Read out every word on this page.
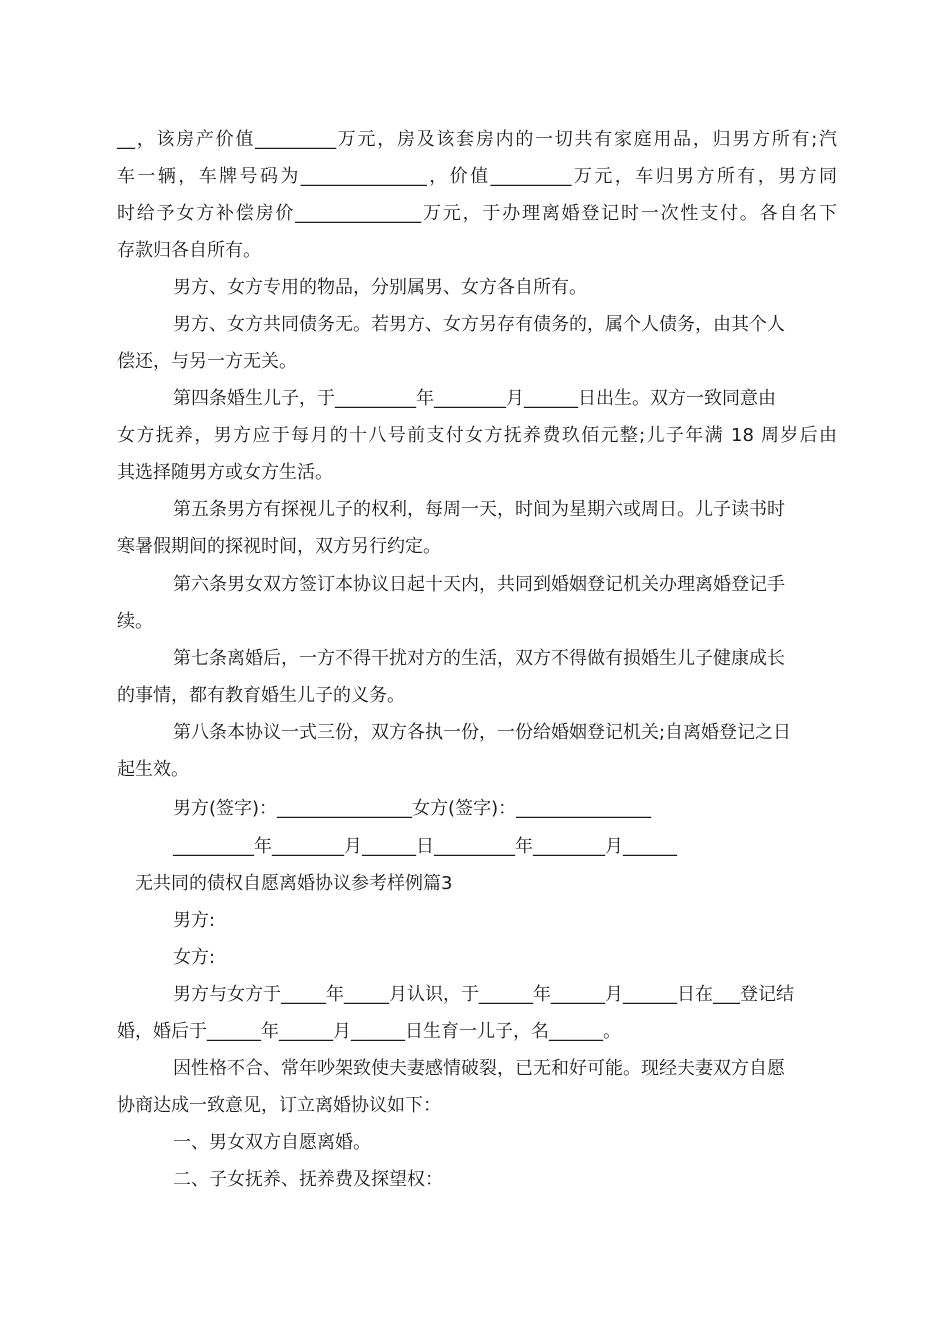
__，该房产价值_________万元，房及该套房内的一切共有家庭用品，归男方所有;汽
车一辆，车牌号码为______________，价值_________万元，车归男方所有，男方同
时给予女方补偿房价______________万元，于办理离婚登记时一次性支付。各自名下
存款归各自所有。
男方、女方专用的物品，分别属男、女方各自所有。
男方、女方共同债务无。若男方、女方另存有债务的，属个人债务，由其个人
偿还，与另一方无关。
第四条婚生儿子，于_________年________月______日出生。双方一致同意由
女方抚养，男方应于每月的十八号前支付女方抚养费玖佰元整;儿子年满 18 周岁后由
其选择随男方或女方生活。
第五条男方有探视儿子的权利，每周一天，时间为星期六或周日。儿子读书时
寒暑假期间的探视时间，双方另行约定。
第六条男女双方签订本协议日起十天内，共同到婚姻登记机关办理离婚登记手
续。
第七条离婚后，一方不得干扰对方的生活，双方不得做有损婚生儿子健康成长
的事情，都有教育婚生儿子的义务。
第八条本协议一式三份，双方各执一份，一份给婚姻登记机关;自离婚登记之日
起生效。
男方(签字)：_______________女方(签字)：_______________
_________年________月______日_________年________月______
无共同的债权自愿离婚协议参考样例篇3
男方:
女方:
男方与女方于_____年_____月认识，于______年______月______日在___登记结
婚，婚后于______年______月______日生育一儿子，名______。
因性格不合、常年吵架致使夫妻感情破裂，已无和好可能。现经夫妻双方自愿
协商达成一致意见，订立离婚协议如下：
一、男女双方自愿离婚。
二、子女抚养、抚养费及探望权：
